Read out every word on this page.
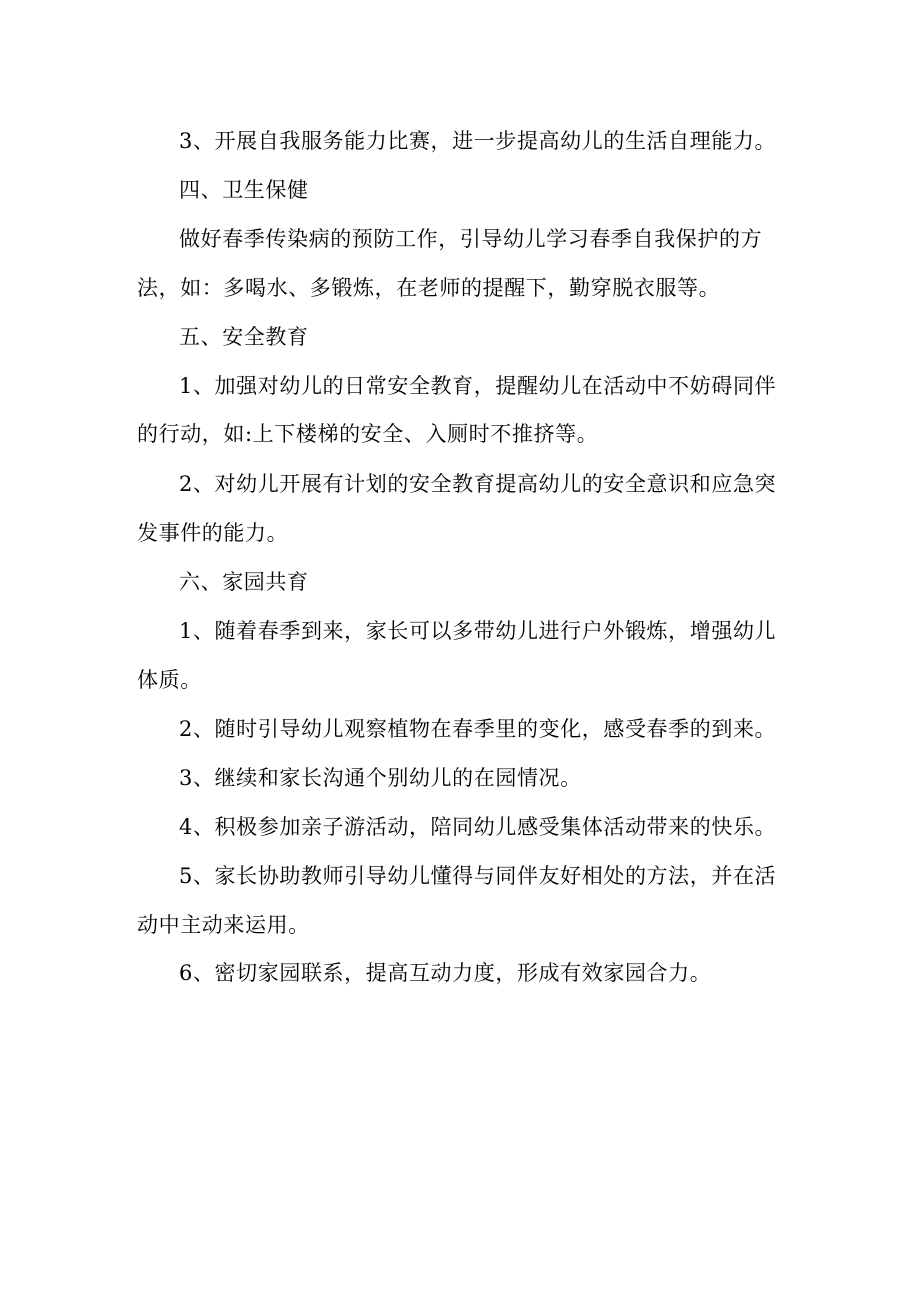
3、开展自我服务能力比赛，进一步提高幼儿的生活自理能力。
四、卫生保健
做好春季传染病的预防工作，引导幼儿学习春季自我保护的方
法，如：多喝水、多锻炼，在老师的提醒下，勤穿脱衣服等。
五、安全教育
1、加强对幼儿的日常安全教育，提醒幼儿在活动中不妨碍同伴
的行动，如:上下楼梯的安全、入厕时不推挤等。
2、对幼儿开展有计划的安全教育提高幼儿的安全意识和应急突
发事件的能力。
六、家园共育
1、随着春季到来，家长可以多带幼儿进行户外锻炼，增强幼儿
体质。
2、随时引导幼儿观察植物在春季里的变化，感受春季的到来。
3、继续和家长沟通个别幼儿的在园情况。
4、积极参加亲子游活动，陪同幼儿感受集体活动带来的快乐。
5、家长协助教师引导幼儿懂得与同伴友好相处的方法，并在活
动中主动来运用。
6、密切家园联系，提高互动力度，形成有效家园合力。
